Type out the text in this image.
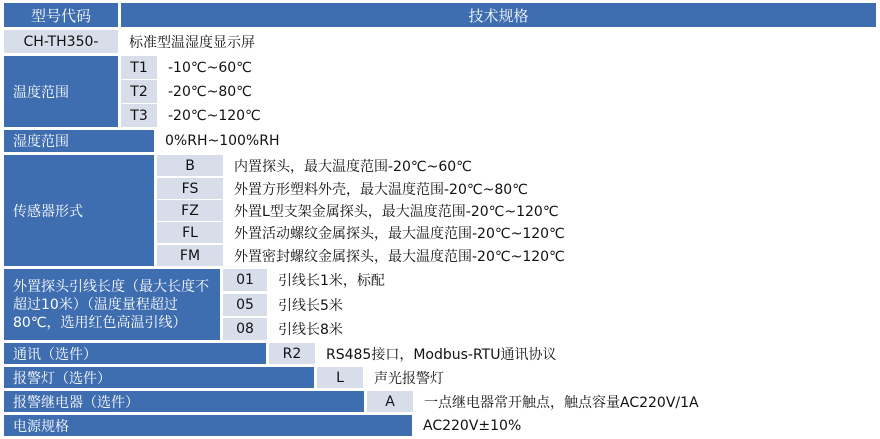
型号代码	技术规格
CH-TH350-	标准型温湿度显示屏
温度范围
T1	-10℃~60℃
T2	-20℃~80℃
T3	-20℃~120℃
湿度范围	0%RH~100%RH
传感器形式
B	内置探头，最大温度范围-20℃~60℃
FS	外置方形塑料外壳，最大温度范围-20℃~80℃
FZ	外置L型支架金属探头，最大温度范围-20℃~120℃
FL	外置活动螺纹金属探头，最大温度范围-20℃~120℃
FM	外置密封螺纹金属探头，最大温度范围-20℃~120℃
外置探头引线长度（最大长度不超过10米）（温度量程超过80℃，选用红色高温引线）
01	引线长1米，标配
05	引线长5米
08	引线长8米
通讯（选件）	R2	RS485接口，Modbus-RTU通讯协议
报警灯（选件）	L	声光报警灯
报警继电器（选件）	A	一点继电器常开触点，触点容量AC220V/1A
电源规格	AC220V±10%
